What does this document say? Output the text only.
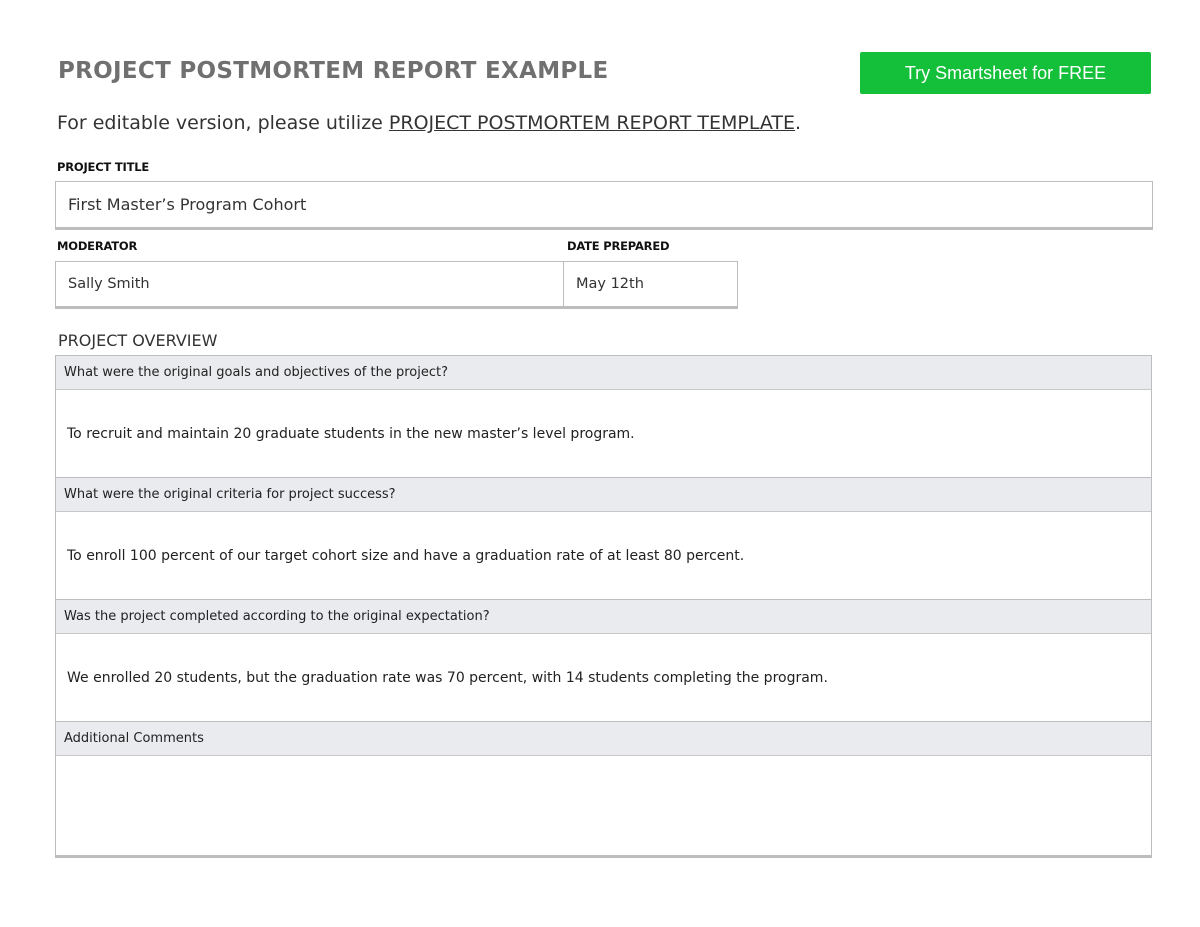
PROJECT POSTMORTEM REPORT EXAMPLE	Try Smartsheet for FREE
For editable version, please utilize PROJECT POSTMORTEM REPORT TEMPLATE.
PROJECT TITLE
First Master’s Program Cohort
MODERATOR	DATE PREPARED
Sally Smith	May 12th
PROJECT OVERVIEW
What were the original goals and objectives of the project?
To recruit and maintain 20 graduate students in the new master’s level program.
What were the original criteria for project success?
To enroll 100 percent of our target cohort size and have a graduation rate of at least 80 percent.
Was the project completed according to the original expectation?
We enrolled 20 students, but the graduation rate was 70 percent, with 14 students completing the program.
Additional Comments
